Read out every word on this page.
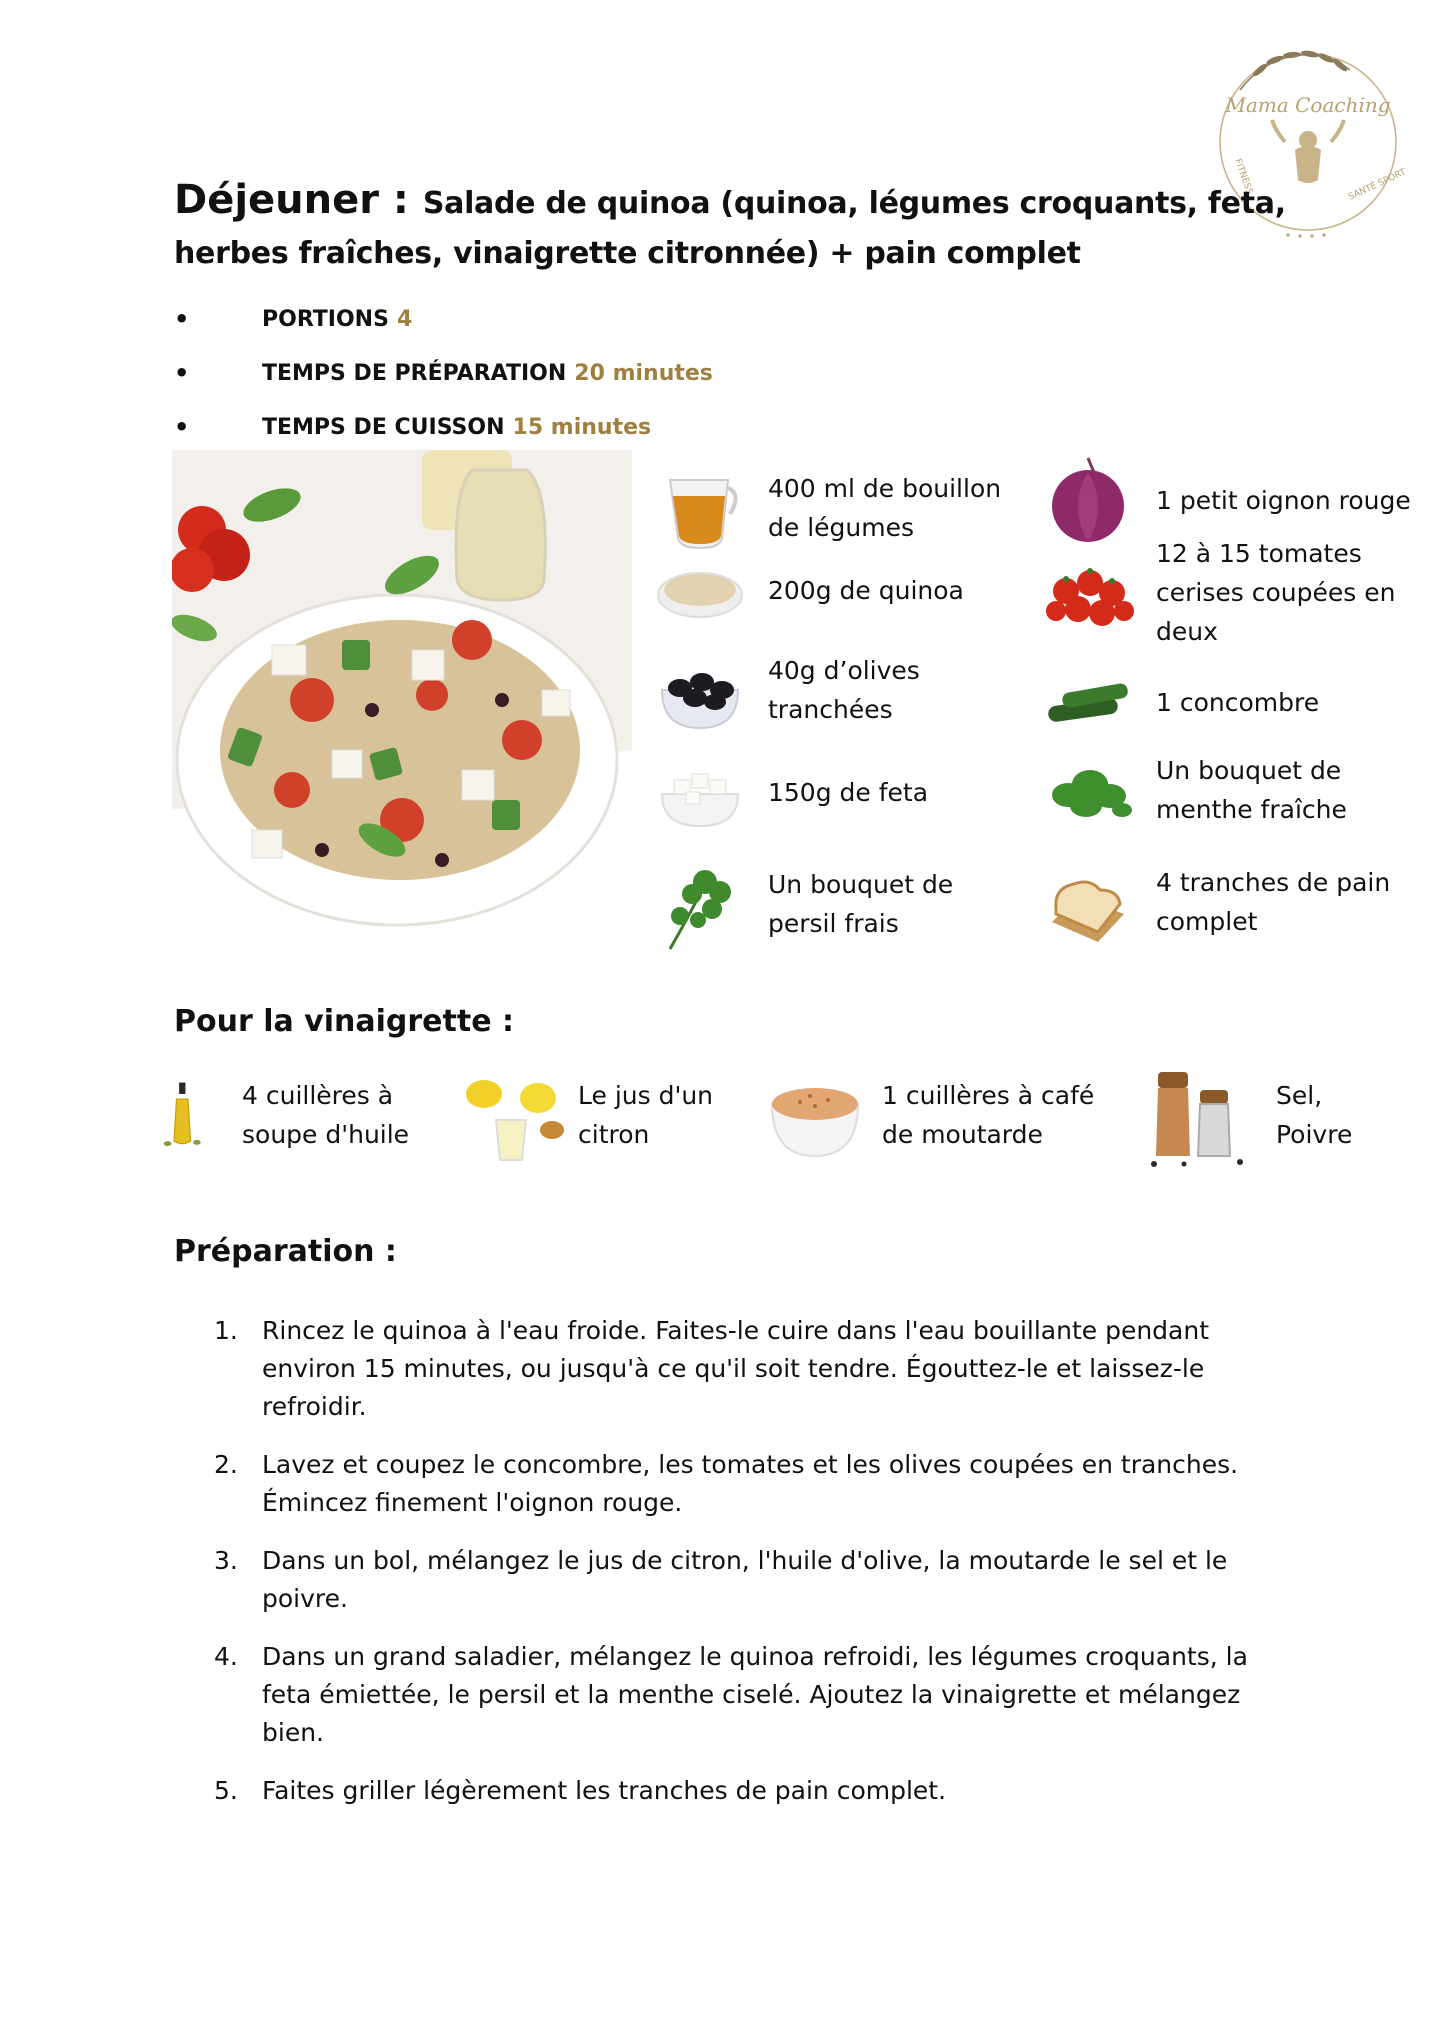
Mama Coaching
FITNESS	SANTÉ SPORT
Déjeuner : Salade de quinoa (quinoa, légumes croquants, feta, herbes fraîches, vinaigrette citronnée) + pain complet
•	PORTIONS 4
•	TEMPS DE PRÉPARATION 20 minutes
•	TEMPS DE CUISSON 15 minutes
400 ml de bouillon de légumes
200g de quinoa
40g d’olives tranchées
150g de feta
Un bouquet de persil frais
1 petit oignon rouge
12 à 15 tomates cerises coupées en deux
1 concombre
Un bouquet de menthe fraîche
4 tranches de pain complet
Pour la vinaigrette :
4 cuillères à
soupe d'huile
Le jus d'un
citron
1 cuillères à café
de moutarde
Sel,
Poivre
Préparation :
1. Rincez le quinoa à l'eau froide. Faites-le cuire dans l'eau bouillante pendant environ 15 minutes, ou jusqu'à ce qu'il soit tendre. Égouttez-le et laissez-le refroidir.
2. Lavez et coupez le concombre, les tomates et les olives coupées en tranches. Émincez finement l'oignon rouge.
3. Dans un bol, mélangez le jus de citron, l'huile d'olive, la moutarde le sel et le poivre.
4. Dans un grand saladier, mélangez le quinoa refroidi, les légumes croquants, la feta émiettée, le persil et la menthe ciselé. Ajoutez la vinaigrette et mélangez bien.
5. Faites griller légèrement les tranches de pain complet.
